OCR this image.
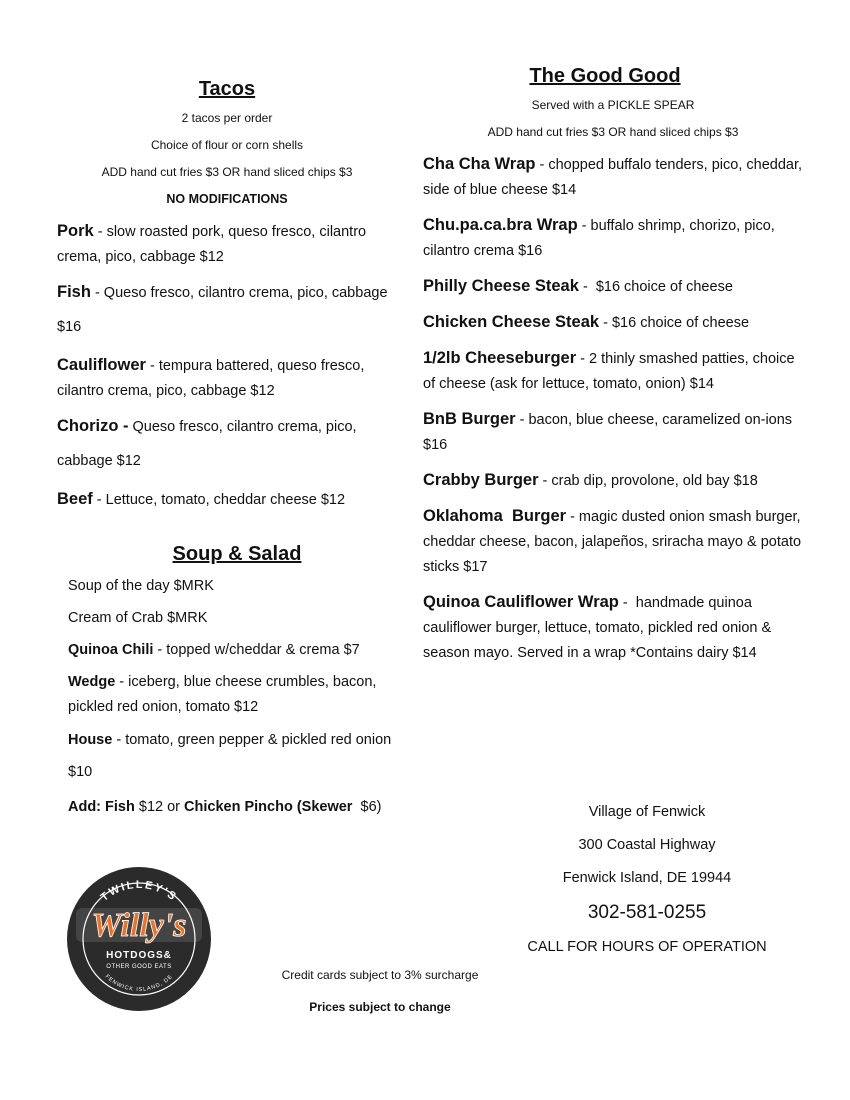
Tacos
2 tacos per order
Choice of flour or corn shells
ADD hand cut fries $3 OR hand sliced chips $3
NO MODIFICATIONS
Pork - slow roasted pork, queso fresco, cilantro crema, pico, cabbage $12
Fish - Queso fresco, cilantro crema, pico, cabbage $16
Cauliflower - tempura battered, queso fresco, cilantro crema, pico, cabbage $12
Chorizo - Queso fresco, cilantro crema, pico, cabbage $12
Beef - Lettuce, tomato, cheddar cheese $12
Soup & Salad
Soup of the day $MRK
Cream of Crab $MRK
Quinoa Chili - topped w/cheddar & crema $7
Wedge - iceberg, blue cheese crumbles, bacon, pickled red onion, tomato $12
House - tomato, green pepper & pickled red onion $10
Add: Fish $12 or Chicken Pincho (Skewer  $6)
The Good Good
Served with a PICKLE SPEAR
ADD hand cut fries $3 OR hand sliced chips $3
Cha Cha Wrap - chopped buffalo tenders, pico, cheddar, side of blue cheese $14
Chu.pa.ca.bra Wrap - buffalo shrimp, chorizo, pico, cilantro crema $16
Philly Cheese Steak -  $16 choice of cheese
Chicken Cheese Steak - $16 choice of cheese
1/2lb Cheeseburger - 2 thinly smashed patties, choice of cheese (ask for lettuce, tomato, onion) $14
BnB Burger - bacon, blue cheese, caramelized on-ions $16
Crabby Burger - crab dip, provolone, old bay $18
Oklahoma  Burger - magic dusted onion smash burger, cheddar cheese, bacon, jalapeños, sriracha mayo & potato sticks $17
Quinoa Cauliflower Wrap -  handmade quinoa cauliflower burger, lettuce, tomato, pickled red onion & season mayo. Served in a wrap *Contains dairy $14
Village of Fenwick
300 Coastal Highway
Fenwick Island, DE 19944
302-581-0255
CALL FOR HOURS OF OPERATION
TWILLEY'S
Willy's
HOTDOGS&
OTHER GOOD EATS
FENWICK ISLAND, DE	Credit cards subject to 3% surcharge
Prices subject to change
